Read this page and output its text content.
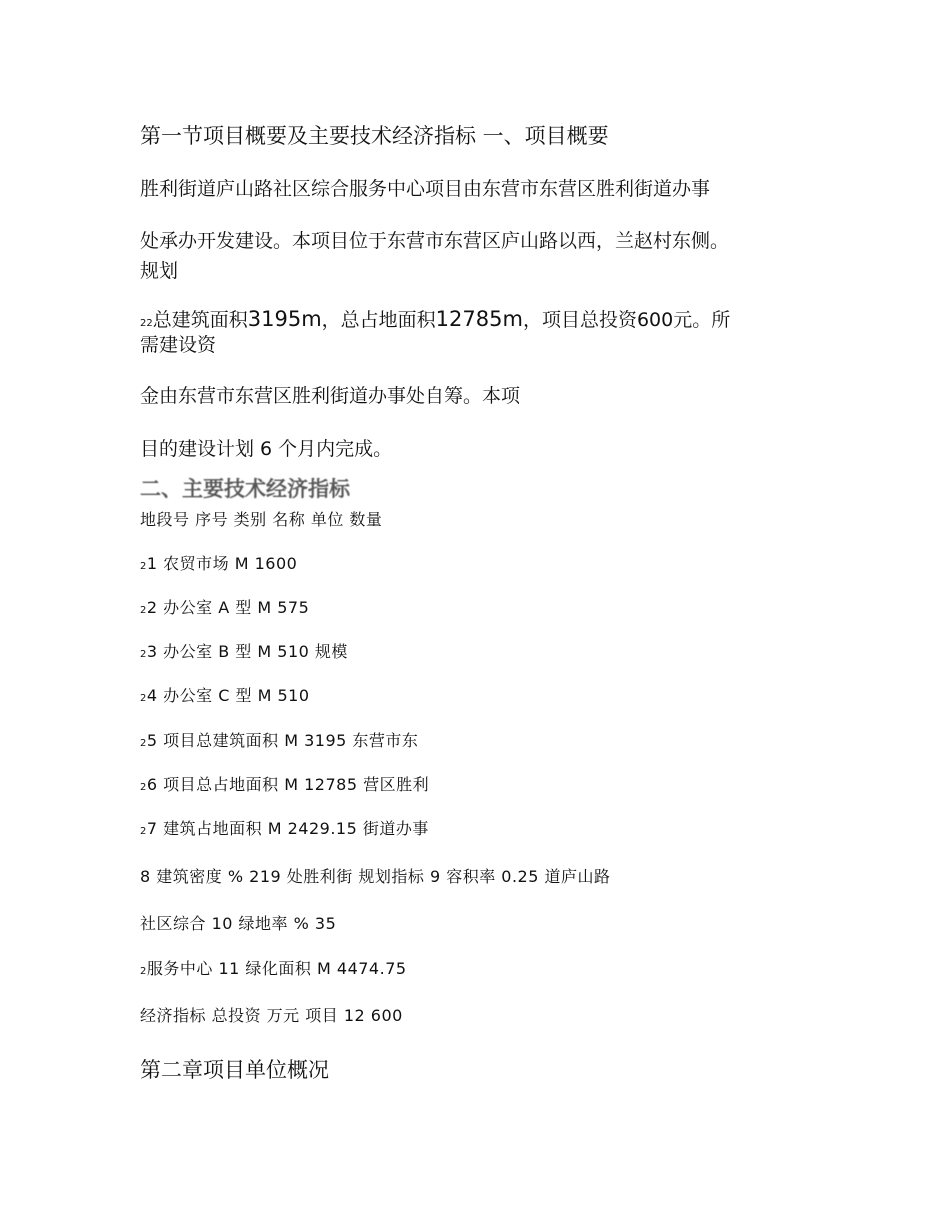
第一节项目概要及主要技术经济指标 一、项目概要
胜利街道庐山路社区综合服务中心项目由东营市东营区胜利街道办事
处承办开发建设。本项目位于东营市东营区庐山路以西，兰赵村东侧。
规划
22总建筑面积3195m，总占地面积12785m，项目总投资600元。所
需建设资
金由东营市东营区胜利街道办事处自筹。本项
目的建设计划 6 个月内完成。
二、主要技术经济指标
地段号 序号 类别 名称 单位 数量
21 农贸市场 M 1600
22 办公室 A 型 M 575
23 办公室 B 型 M 510 规模
24 办公室 C 型 M 510
25 项目总建筑面积 M 3195 东营市东
26 项目总占地面积 M 12785 营区胜利
27 建筑占地面积 M 2429.15 街道办事
8 建筑密度 % 219 处胜利街 规划指标 9 容积率 0.25 道庐山路
社区综合 10 绿地率 % 35
2服务中心 11 绿化面积 M 4474.75
经济指标 总投资 万元 项目 12 600
第二章项目单位概况
